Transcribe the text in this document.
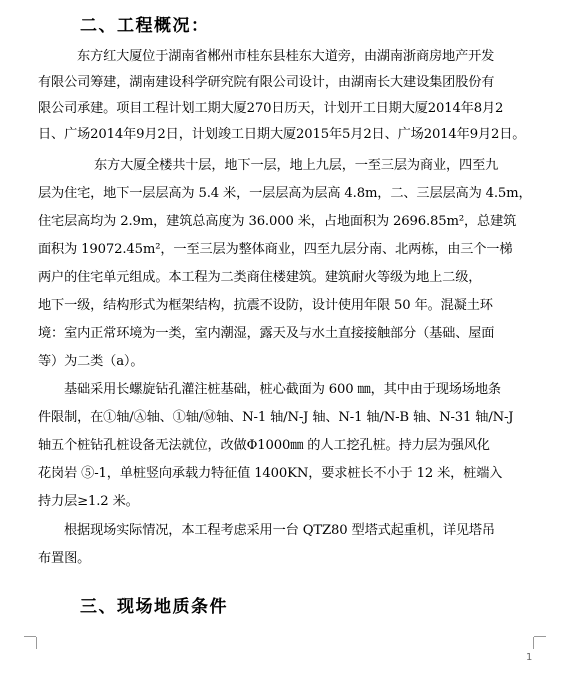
二、工程概况：
东方红大厦位于湖南省郴州市桂东县桂东大道旁，由湖南浙商房地产开发
有限公司筹建，湖南建设科学研究院有限公司设计，由湖南长大建设集团股份有
限公司承建。项目工程计划工期大厦270日历天，计划开工日期大厦2014年8月2
日、广场2014年9月2日，计划竣工日期大厦2015年5月2日、广场2014年9月2日。
东方大厦全楼共十层，地下一层，地上九层，一至三层为商业，四至九
层为住宅，地下一层层高为 5.4 米，一层层高为层高 4.8m，二、三层层高为 4.5m，
住宅层高均为 2.9m，建筑总高度为 36.000 米，占地面积为 2696.85m²，总建筑
面积为 19072.45m²，一至三层为整体商业，四至九层分南、北两栋，由三个一梯
两户的住宅单元组成。本工程为二类商住楼建筑。建筑耐火等级为地上二级，
地下一级，结构形式为框架结构，抗震不设防，设计使用年限 50 年。混凝土环
境：室内正常环境为一类，室内潮湿，露天及与水土直接接触部分（基础、屋面
等）为二类（a）。
基础采用长螺旋钻孔灌注桩基础，桩心截面为 600 ㎜，其中由于现场场地条
件限制，在①轴/Ⓐ轴、①轴/Ⓜ轴、N-1 轴/N-J 轴、N-1 轴/N-B 轴、N-31 轴/N-J
轴五个桩钻孔桩设备无法就位，改做Φ1000㎜ 的人工挖孔桩。持力层为强风化
花岗岩 ⑤-1，单桩竖向承载力特征值 1400KN，要求桩长不小于 12 米，桩端入
持力层≥1.2 米。
根据现场实际情况，本工程考虑采用一台 QTZ80 型塔式起重机，详见塔吊
布置图。
三、现场地质条件
1
